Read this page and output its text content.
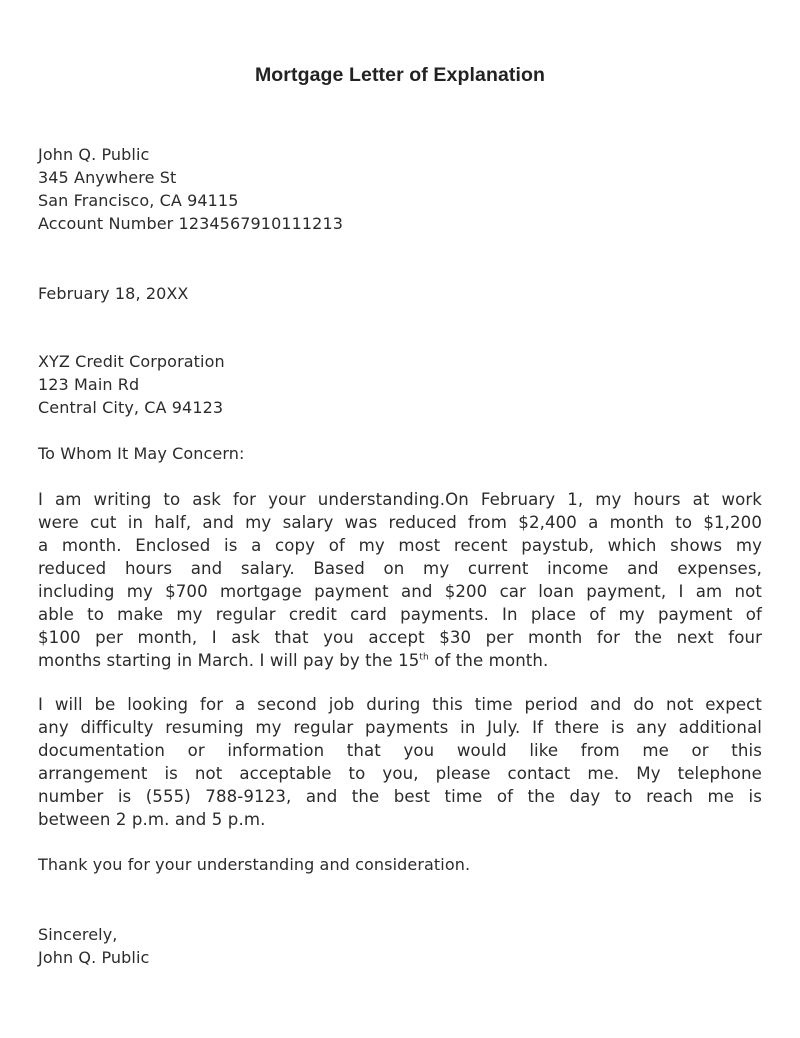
Mortgage Letter of Explanation
John Q. Public
345 Anywhere St
San Francisco, CA 94115
Account Number 1234567910111213
February 18, 20XX
XYZ Credit Corporation
123 Main Rd
Central City, CA 94123
To Whom It May Concern:
I am writing to ask for your understanding.On February 1, my hours at work
were cut in half, and my salary was reduced from $2,400 a month to $1,200
a month. Enclosed is a copy of my most recent paystub, which shows my
reduced hours and salary. Based on my current income and expenses,
including my $700 mortgage payment and $200 car loan payment, I am not
able to make my regular credit card payments. In place of my payment of
$100 per month, I ask that you accept $30 per month for the next four
months starting in March. I will pay by the 15th of the month.
I will be looking for a second job during this time period and do not expect
any difficulty resuming my regular payments in July. If there is any additional
documentation or information that you would like from me or this
arrangement is not acceptable to you, please contact me. My telephone
number is (555) 788-9123, and the best time of the day to reach me is
between 2 p.m. and 5 p.m.
Thank you for your understanding and consideration.
Sincerely,
John Q. Public
